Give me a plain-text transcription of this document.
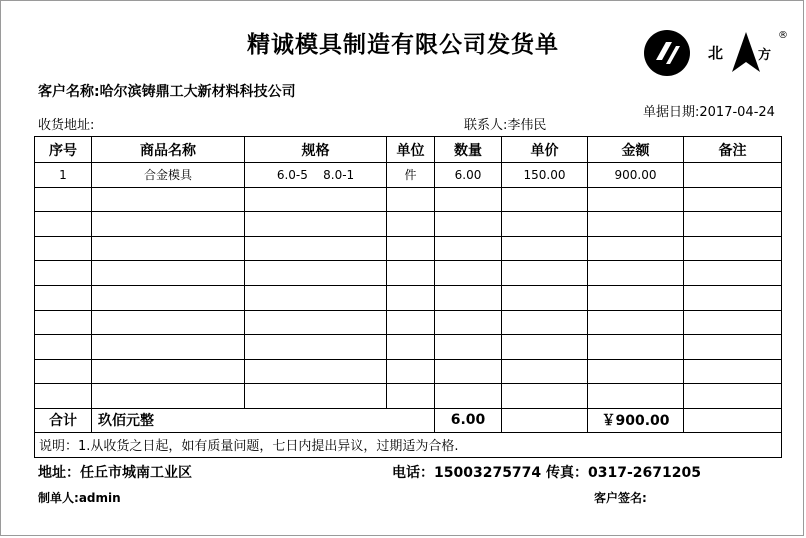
精诚模具制造有限公司发货单	北	方
®
客户名称:哈尔滨铸鼎工大新材料科技公司
单据日期:2017-04-24
收货地址:	联系人:李伟民
序号	商品名称	规格	单位	数量	单价	金额	备注
1	合金模具	6.0-5    8.0-1	件	6.00	150.00	900.00	

合计	玖佰元整			6.00		￥900.00	
说明：1.从收货之日起，如有质量问题，七日内提出异议，过期适为合格.							
地址：任丘市城南工业区	电话：15003275774 传真：0317-2671205
制单人:admin	客户签名:
